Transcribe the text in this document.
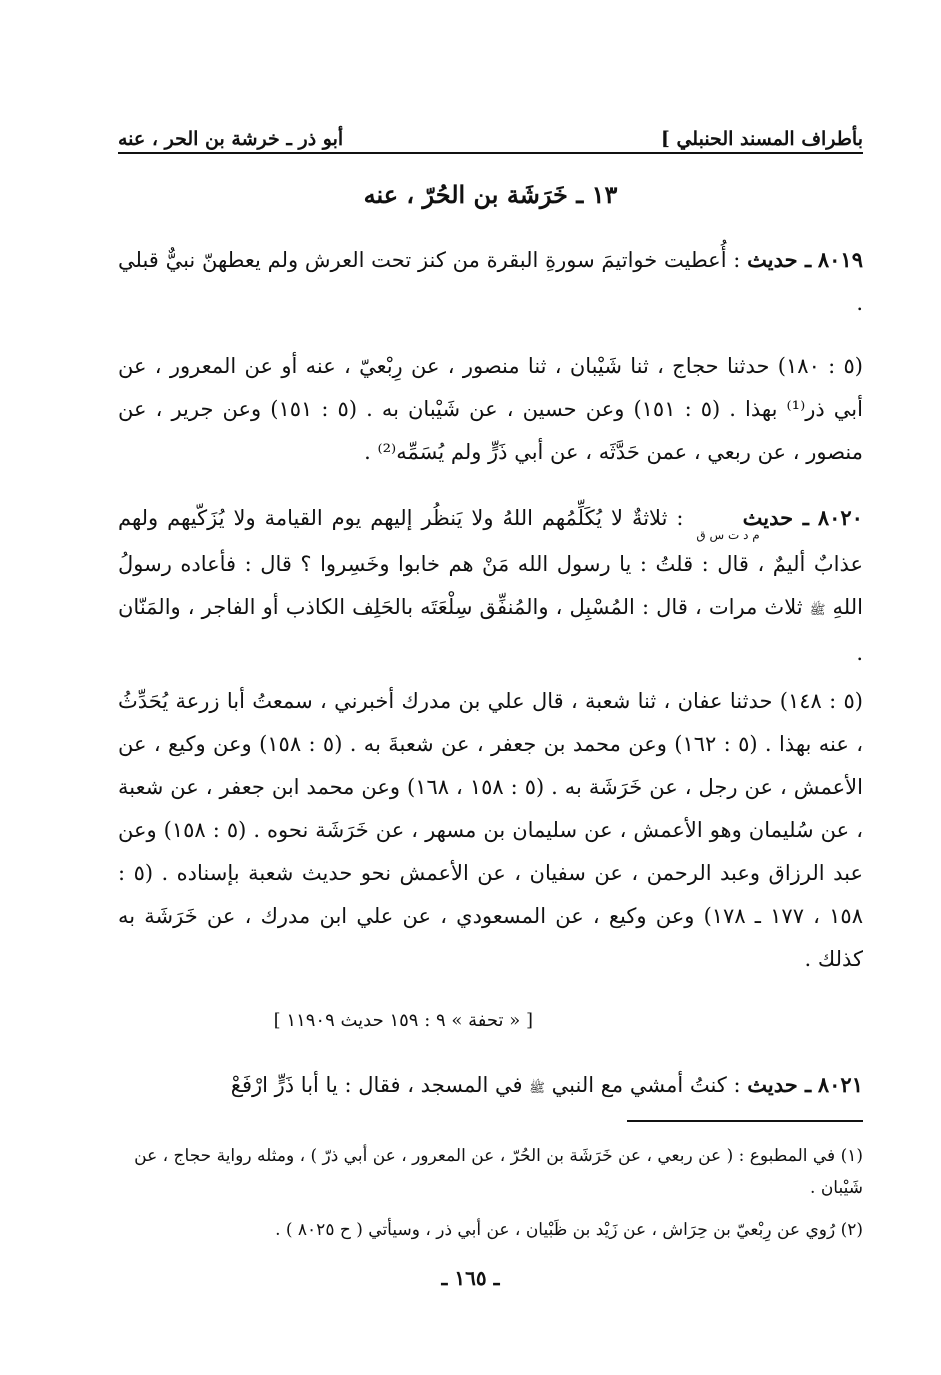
بأطراف المسند الحنبلي ]
أبو ذر ـ خرشة بن الحر ، عنه
١٣ ـ خَرَشَة بن الحُرّ ، عنه
٨٠١٩ ـ حديث : أُعطيت خواتيمَ سورةِ البقرة من كنز تحت العرش ولم يعطهنّ نبيٌّ قبلي .
(٥ : ١٨٠) حدثنا حجاج ، ثنا شَيْبان ، ثنا منصور ، عن رِبْعيّ ، عنه أو عن المعرور ، عن أبي ذر⁽¹⁾ بهذا . (٥ : ١٥١) وعن حسين ، عن شَيْبان به . (٥ : ١٥١) وعن جرير ، عن منصور ، عن ربعي ، عمن حَدَّثَه ، عن أبي ذَرٍّ ولم يُسَمِّه⁽²⁾ .
٨٠٢٠ ـ حديث م د ت س ق : ثلاثةٌ لا يُكَلِّمُهم اللهُ ولا يَنظُر إليهم يوم القيامة ولا يُزَكّيهم ولهم عذابٌ أليمٌ ، قال : قلتُ : يا رسول الله مَنْ هم خابوا وخَسِروا ؟ قال : فأعاده رسولُ اللهِ ﷺ ثلاث مرات ، قال : المُسْبِل ، والمُنفِّق سِلْعَتَه بالحَلِف الكاذب أو الفاجر ، والمَنّان .
(٥ : ١٤٨) حدثنا عفان ، ثنا شعبة ، قال علي بن مدرك أخبرني ، سمعتُ أبا زرعة يُحَدِّثُ ، عنه بهذا . (٥ : ١٦٢) وعن محمد بن جعفر ، عن شعبةَ به . (٥ : ١٥٨) وعن وكيع ، عن الأعمش ، عن رجل ، عن خَرَشَة به . (٥ : ١٥٨ ، ١٦٨) وعن محمد ابن جعفر ، عن شعبة ، عن سُليمان وهو الأعمش ، عن سليمان بن مسهر ، عن خَرَشَة نحوه . (٥ : ١٥٨) وعن عبد الرزاق وعبد الرحمن ، عن سفيان ، عن الأعمش نحو حديث شعبة بإسناده . (٥ : ١٥٨ ، ١٧٧ ـ ١٧٨) وعن وكيع ، عن المسعودي ، عن علي ابن مدرك ، عن خَرَشَة به كذلك .
[ « تحفة » ٩ : ١٥٩ حديث ١١٩٠٩ ]
٨٠٢١ ـ حديث : كنتُ أمشي مع النبي ﷺ في المسجد ، فقال : يا أبا ذَرٍّ ارْفَعْ

(١) في المطبوع : ( عن ربعي ، عن خَرَشَة بن الحُرّ ، عن المعرور ، عن أبي ذرّ ) ، ومثله رواية حجاج ، عن شَيْبان .

(٢) رُوي عن رِبْعيّ بن حِرَاش ، عن زَيْد بن ظَبْيان ، عن أبي ذر ، وسيأتي ( ح ٨٠٢٥ ) .

ـ ١٦٥ ـ
